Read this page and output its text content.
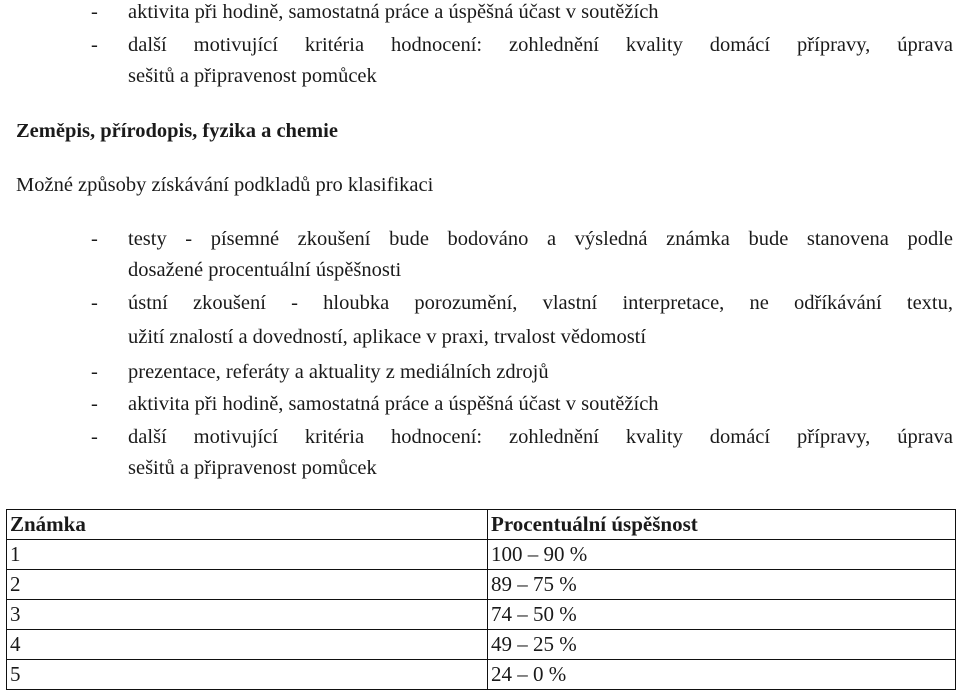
- aktivita při hodině, samostatná práce a úspěšná účast v soutěžích
- další motivující kritéria hodnocení: zohlednění kvality domácí přípravy, úprava
sešitů a připravenost pomůcek
Zeměpis, přírodopis, fyzika a chemie
Možné způsoby získávání podkladů pro klasifikaci
- testy - písemné zkoušení bude bodováno a výsledná známka bude stanovena podle
dosažené procentuální úspěšnosti
- ústní zkoušení - hloubka porozumění, vlastní interpretace, ne odříkávání textu,
užití znalostí a dovedností, aplikace v praxi, trvalost vědomostí
- prezentace, referáty a aktuality z mediálních zdrojů
- aktivita při hodině, samostatná práce a úspěšná účast v soutěžích
- další motivující kritéria hodnocení: zohlednění kvality domácí přípravy, úprava
sešitů a připravenost pomůcek
Známka	Procentuální úspěšnost
1	100 – 90 %
2	89 – 75 %
3	74 – 50 %
4	49 – 25 %
5	24 – 0 %
